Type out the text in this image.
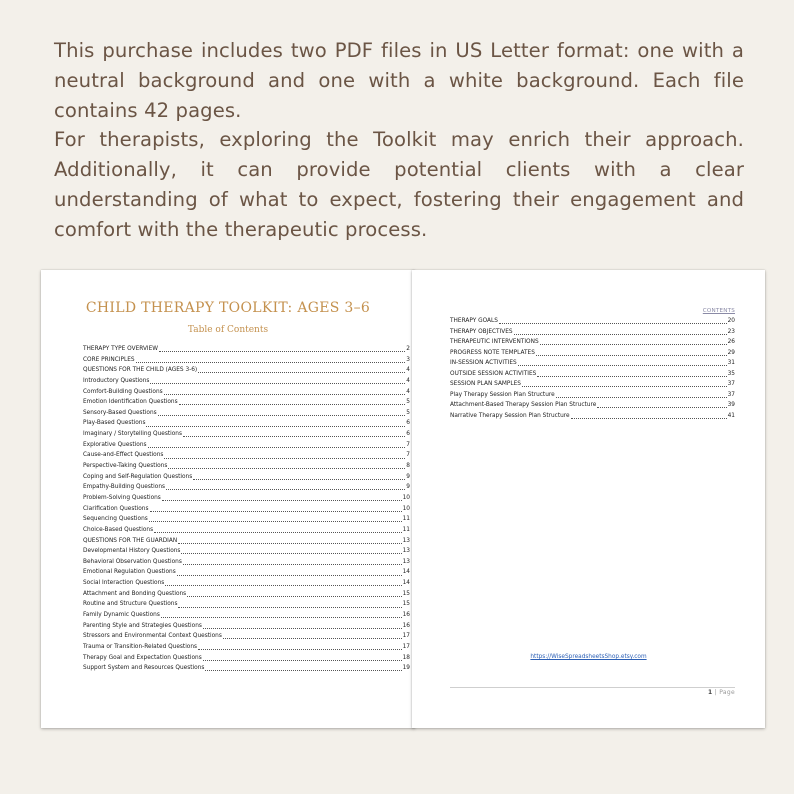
This purchase includes two PDF files in US Letter format: one with a neutral background and one with a white background. Each file contains 42 pages.

For therapists, exploring the Toolkit may enrich their approach. Additionally, it can provide potential clients with a clear understanding of what to expect, fostering their engagement and comfort with the therapeutic process.

CHILD THERAPY TOOLKIT: AGES 3–6
Table of Contents
THERAPY TYPE OVERVIEW	2
CORE PRINCIPLES	3
QUESTIONS FOR THE CHILD (AGES 3-6)	4
Introductory Questions	4
Comfort-Building Questions	4
Emotion Identification Questions	5
Sensory-Based Questions	5
Play-Based Questions	6
Imaginary / Storytelling Questions	6
Explorative Questions	7
Cause-and-Effect Questions	7
Perspective-Taking Questions	8
Coping and Self-Regulation Questions	9
Empathy-Building Questions	9
Problem-Solving Questions	10
Clarification Questions	10
Sequencing Questions	11
Choice-Based Questions	11
QUESTIONS FOR THE GUARDIAN	13
Developmental History Questions	13
Behavioral Observation Questions	13
Emotional Regulation Questions	14
Social Interaction Questions	14
Attachment and Bonding Questions	15
Routine and Structure Questions	15
Family Dynamic Questions	16
Parenting Style and Strategies Questions	16
Stressors and Environmental Context Questions	17
Trauma or Transition-Related Questions	17
Therapy Goal and Expectation Questions	18
Support System and Resources Questions	19
CONTENTS
THERAPY GOALS	20
THERAPY OBJECTIVES	23
THERAPEUTIC INTERVENTIONS	26
PROGRESS NOTE TEMPLATES	29
IN-SESSION ACTIVITIES	31
OUTSIDE SESSION ACTIVITIES	35
SESSION PLAN SAMPLES	37
Play Therapy Session Plan Structure	37
Attachment-Based Therapy Session Plan Structure	39
Narrative Therapy Session Plan Structure	41
https://WiseSpreadsheetsShop.etsy.com
1 | Page
